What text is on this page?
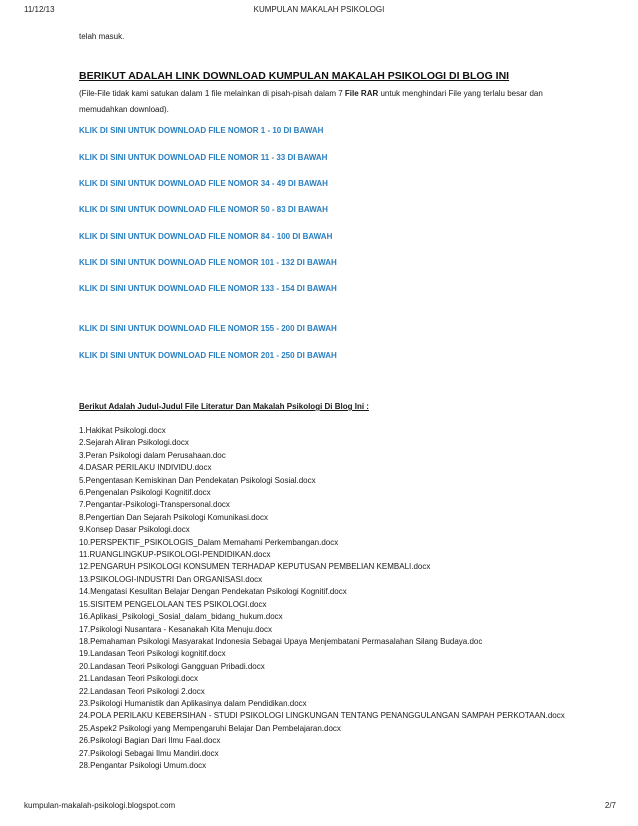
11/12/13	KUMPULAN MAKALAH PSIKOLOGI
telah masuk.
BERIKUT ADALAH LINK DOWNLOAD KUMPULAN MAKALAH PSIKOLOGI DI BLOG INI
(File-File tidak kami satukan dalam 1 file melainkan di pisah-pisah dalam 7 File RAR untuk menghindari File yang terlalu besar dan memudahkan download).
KLIK DI SINI UNTUK DOWNLOAD FILE NOMOR 1 - 10 DI BAWAH
KLIK DI SINI UNTUK DOWNLOAD FILE NOMOR 11 - 33 DI BAWAH
KLIK DI SINI UNTUK DOWNLOAD FILE NOMOR 34 - 49 DI BAWAH
KLIK DI SINI UNTUK DOWNLOAD FILE NOMOR 50 - 83 DI BAWAH
KLIK DI SINI UNTUK DOWNLOAD FILE NOMOR 84 - 100 DI BAWAH
KLIK DI SINI UNTUK DOWNLOAD FILE NOMOR 101 - 132 DI BAWAH
KLIK DI SINI UNTUK DOWNLOAD FILE NOMOR 133 - 154 DI BAWAH
KLIK DI SINI UNTUK DOWNLOAD FILE NOMOR 155 - 200 DI BAWAH
KLIK DI SINI UNTUK DOWNLOAD FILE NOMOR 201 - 250 DI BAWAH
Berikut Adalah Judul-Judul File Literatur Dan Makalah Psikologi Di Blog Ini :
1.Hakikat Psikologi.docx
2.Sejarah Aliran Psikologi.docx
3.Peran Psikologi dalam Perusahaan.doc
4.DASAR PERILAKU INDIVIDU.docx
5.Pengentasan Kemiskinan Dan Pendekatan Psikologi Sosial.docx
6.Pengenalan Psikologi Kognitif.docx
7.Pengantar-Psikologi-Transpersonal.docx
8.Pengertian Dan Sejarah Psikologi Komunikasi.docx
9.Konsep Dasar Psikologi.docx
10.PERSPEKTIF_PSIKOLOGIS_Dalam Memahami Perkembangan.docx
11.RUANGLINGKUP-PSIKOLOGI-PENDIDIKAN.docx
12.PENGARUH PSIKOLOGI KONSUMEN TERHADAP KEPUTUSAN PEMBELIAN KEMBALI.docx
13.PSIKOLOGI-INDUSTRI Dan ORGANISASI.docx
14.Mengatasi Kesulitan Belajar Dengan Pendekatan Psikologi Kognitif.docx
15.SISITEM PENGELOLAAN TES PSIKOLOGI.docx
16.Aplikasi_Psikologi_Sosial_dalam_bidang_hukum.docx
17.Psikologi Nusantara - Kesanakah Kita Menuju.docx
18.Pemahaman Psikologi Masyarakat Indonesia Sebagai Upaya Menjembatani Permasalahan Silang Budaya.doc
19.Landasan Teori Psikologi kognitif.docx
20.Landasan Teori Psikologi Gangguan Pribadi.docx
21.Landasan Teori Psikologi.docx
22.Landasan Teori Psikologi 2.docx
23.Psikologi Humanistik dan Aplikasinya dalam Pendidikan.docx
24.POLA PERILAKU KEBERSIHAN - STUDI PSIKOLOGI LINGKUNGAN TENTANG PENANGGULANGAN SAMPAH PERKOTAAN.docx
25.Aspek2 Psikologi yang Mempengaruhi Belajar Dan Pembelajaran.docx
26.Psikologi Bagian Dari Ilmu Faal.docx
27.Psikologi Sebagai Ilmu Mandiri.docx
28.Pengantar Psikologi Umum.docx
kumpulan-makalah-psikologi.blogspot.com	2/7
